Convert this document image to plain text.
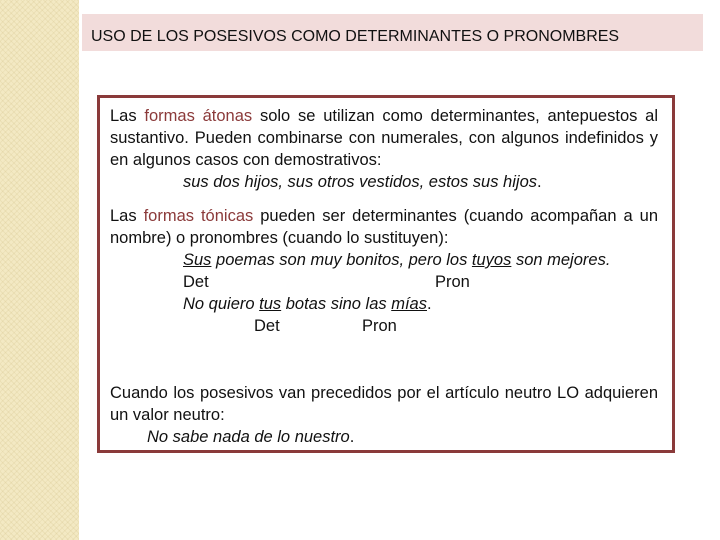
USO DE LOS POSESIVOS COMO DETERMINANTES O PRONOMBRES

Las formas átonas solo se utilizan como determinantes, antepuestos al sustantivo. Pueden combinarse con numerales, con algunos indefinidos y en algunos casos con demostrativos:

sus dos hijos, sus otros vestidos, estos sus hijos.

Las formas tónicas pueden ser determinantes (cuando acompañan a un nombre) o pronombres (cuando lo sustituyen):

Sus poemas son muy bonitos, pero los tuyos son mejores.
Det	Pron
No quiero tus botas sino las mías.
Det	Pron

Cuando los posesivos van precedidos por el artículo neutro LO adquieren un valor neutro:

No sabe nada de lo nuestro.
